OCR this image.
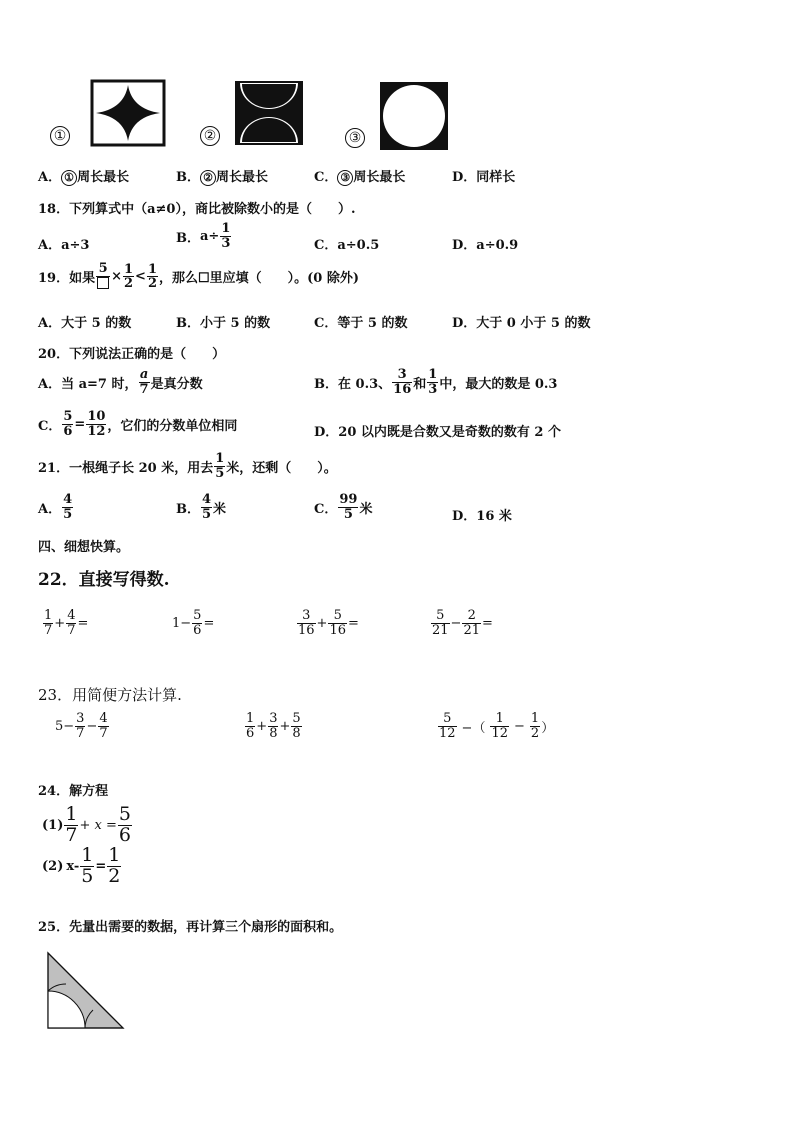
①	②	③
A． ① 周长最长	B． ② 周长最长	C． ③ 周长最长	D．同样长
18．下列算式中（a≠0），商比被除数小的是（　　）.
A．a÷3	B． $a\div \frac{1}{3}$	C．a÷0.5	D．a÷0.9
19．如果
5
× $\frac{1}{2}$ <
1
2 ，那么☐里应填（　　）。(0 除外)
A．大于 5 的数	B．小于 5 的数	C．等于 5 的数	D．大于 0 小于 5 的数
20．下列说法正确的是（　　）
A． 当 a=7 时，
a
7 是真分数	B． 在 0.3、
3
16 和
1
3 中，最大的数是 0.3
C． $\frac{5}{6} = \frac{10}{12}$ ，它们的分数单位相同	D．20 以内既是合数又是奇数的数有 2 个
21．一根绳子长 20 米，用去
1
5 米，还剩（　　）。
A．
4
5	B．
4
5 米	C．
99
5 米	D．16 米
四、细想快算。
22．直接写得数.
1
$7 + \frac{4}{7}$ =	$1- \frac{5}{6}$ =
3
$16 + \frac{5}{16}$ =
5
$21 - \frac{2}{21}$ =
23．用简便方法计算.
$5- \frac{3}{7} - \frac{4}{7}$	1
$6 + \frac{3}{8} + \frac{5}{8}$	5
12 −（
1
$12 - \frac{1}{2}$ ）
24．解方程
(1)
1
$7 + x = \frac{5}{6}$
(2) $x- \frac{1}{5} = \frac{1}{2}$
25．先量出需要的数据，再计算三个扇形的面积和。
